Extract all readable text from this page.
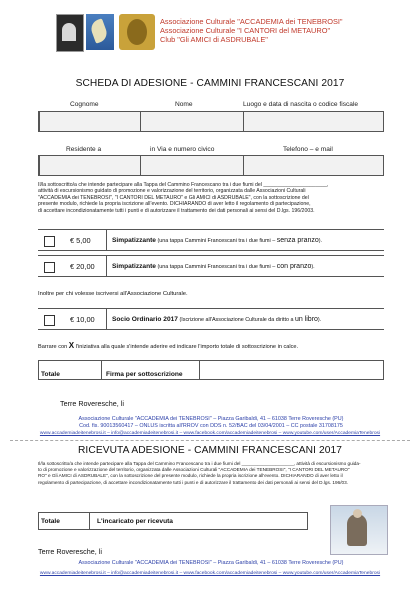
Associazione Culturale "ACCADEMIA dei TENEBROSI"
Associazione Culturale "I CANTORI del METAURO"
Club "Gli AMICI di ASDRUBALE"
SCHEDA DI ADESIONE - CAMMINI FRANCESCANI 2017
Cognome	Nome	Luogo e data di nascita o codice fiscale
Residente a	in Via e numero civico	Telefono – e mail
Il/la sottoscritto/a che intende partecipare alla Tappa del Cammino Francescano tra i due fiumi del ______________________,
attività di escursionismo guidato di promozione e valorizzazione del territorio, organizzata dalle Associazioni Culturali
"ACCADEMIA dei TENEBROSI", "I CANTORI DEL METAURO" e Gli AMICI di ASDRUBALE", con la sottoscrizione del
presente modulo, richiede la propria iscrizione all'evento. DICHIARANDO di aver letto il regolamento di partecipazione,
di accettare incondizionatamente tutti i punti e di autorizzare il trattamento dei dati personali ai sensi del D.lgs. 196/2003.
€ 5,00	Simpatizzante (una tappa Cammini Francescani tra i due fiumi – senza pranzo).
€ 20,00	Simpatizzante (una tappa Cammini Francescani tra i due fiumi – con pranzo).
Inoltre per chi volesse iscriversi all'Associazione Culturale.
€ 10,00	Socio Ordinario 2017 (Iscrizione all'Associazione Culturale da diritto a un libro).
Barrare con X l'iniziativa alla quale s'intende aderire ed indicare l'importo totale di sottoscrizione in calce.
Totale	Firma per sottoscrizione
Terre Roveresche, li
Associazione Culturale "ACCADEMIA dei TENEBROSI" – Piazza Garibaldi, 41 – 61038 Terre Roveresche (PU)
Cod. fis. 90013560417 – ONLUS iscritta all'RROV con DDS n. 52/BAC del 03/04/2001 – CC postale 31708175
www.accademiadeitenebrosi.it – info@accademiadeitenebrosi.it – www.facebook.com/accademiadeitenebrosi – www.youtube.com/user/AccademiaTenebrosi
RICEVUTA ADESIONE - CAMMINI FRANCESCANI 2017
Il/la sottoscritto/a che intende partecipare alla Tappa del Cammino Francescano tra i due fiumi del ____________________, attività di escursionismo guida-
to di promozione e valorizzazione del territorio, organizzata dalle Associazioni Culturali "ACCADEMIA dei TENEBROSI", "I CANTORI DEL METAURO"
RO" e Gli AMICI di ASDRUBALE", con la sottoscrizione del presente modulo, richiede la propria iscrizione all'evento. DICHIARANDO di aver letto il
regolamento di partecipazione, di accettare incondizionatamente tutti i punti e di autorizzare il trattamento dei dati personali ai sensi del D.lgs. 196/03.
Totale	L'incaricato per ricevuta
Terre Roveresche, li
Associazione Culturale "ACCADEMIA dei TENEBROSI" – Piazza Garibaldi, 41 – 61038 Terre Roveresche (PU)
www.accademiadeitenebrosi.it – info@accademiadeitenebrosi.it – www.facebook.com/accademiadeitenebrosi – www.youtube.com/user/AccademiaTenebrosi
